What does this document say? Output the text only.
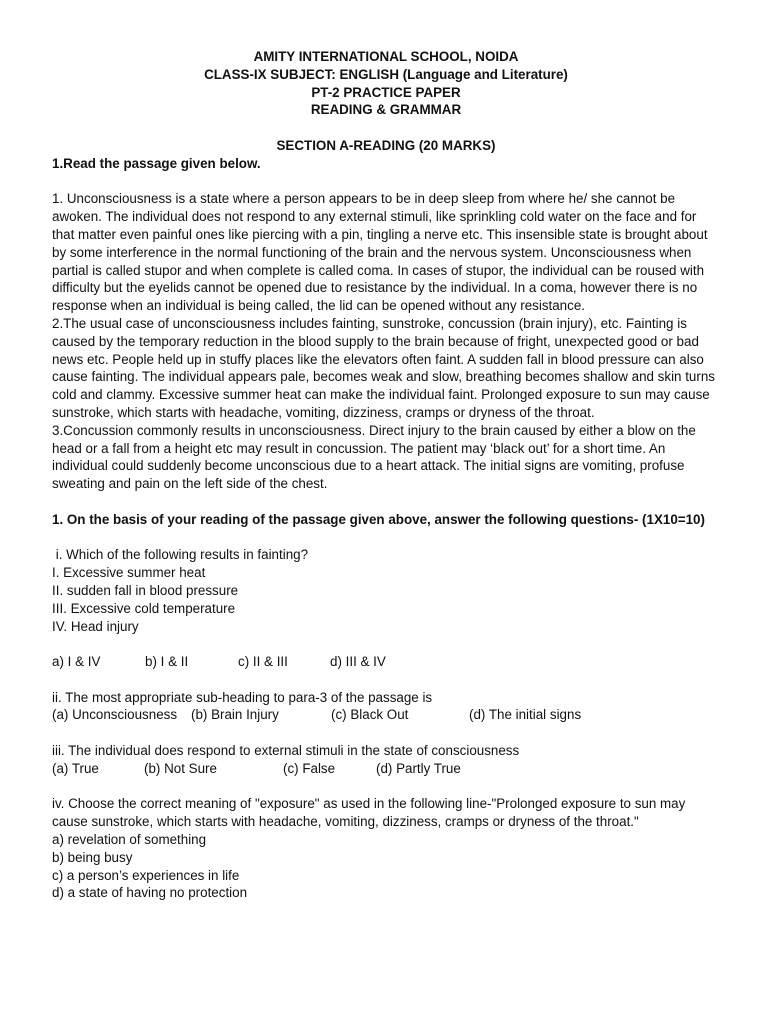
AMITY INTERNATIONAL SCHOOL, NOIDA
CLASS-IX SUBJECT: ENGLISH (Language and Literature)
PT-2 PRACTICE PAPER
READING & GRAMMAR
SECTION A-READING (20 MARKS)
1.Read the passage given below.
1. Unconsciousness is a state where a person appears to be in deep sleep from where he/ she cannot be awoken. The individual does not respond to any external stimuli, like sprinkling cold water on the face and for that matter even painful ones like piercing with a pin, tingling a nerve etc. This insensible state is brought about by some interference in the normal functioning of the brain and the nervous system. Unconsciousness when partial is called stupor and when complete is called coma. In cases of stupor, the individual can be roused with difficulty but the eyelids cannot be opened due to resistance by the individual. In a coma, however there is no response when an individual is being called, the lid can be opened without any resistance.
2.The usual case of unconsciousness includes fainting, sunstroke, concussion (brain injury), etc. Fainting is caused by the temporary reduction in the blood supply to the brain because of fright, unexpected good or bad news etc. People held up in stuffy places like the elevators often faint. A sudden fall in blood pressure can also cause fainting. The individual appears pale, becomes weak and slow, breathing becomes shallow and skin turns cold and clammy. Excessive summer heat can make the individual faint. Prolonged exposure to sun may cause sunstroke, which starts with headache, vomiting, dizziness, cramps or dryness of the throat.
3.Concussion commonly results in unconsciousness. Direct injury to the brain caused by either a blow on the head or a fall from a height etc may result in concussion. The patient may ‘black out’ for a short time. An individual could suddenly become unconscious due to a heart attack. The initial signs are vomiting, profuse sweating and pain on the left side of the chest.
1. On the basis of your reading of the passage given above, answer the following questions- (1X10=10)
i. Which of the following results in fainting?
I. Excessive summer heat
II. sudden fall in blood pressure
III. Excessive cold temperature
IV. Head injury
a) I & IV	b) I & II	c) II & III	d) III & IV
ii. The most appropriate sub-heading to para-3 of the passage is
(a) Unconsciousness	(b) Brain Injury	(c) Black Out	(d) The initial signs
iii. The individual does respond to external stimuli in the state of consciousness
(a) True	(b) Not Sure	(c) False	(d) Partly True
iv. Choose the correct meaning of "exposure" as used in the following line-"Prolonged exposure to sun may cause sunstroke, which starts with headache, vomiting, dizziness, cramps or dryness of the throat."
a) revelation of something
b) being busy
c) a person’s experiences in life
d) a state of having no protection
